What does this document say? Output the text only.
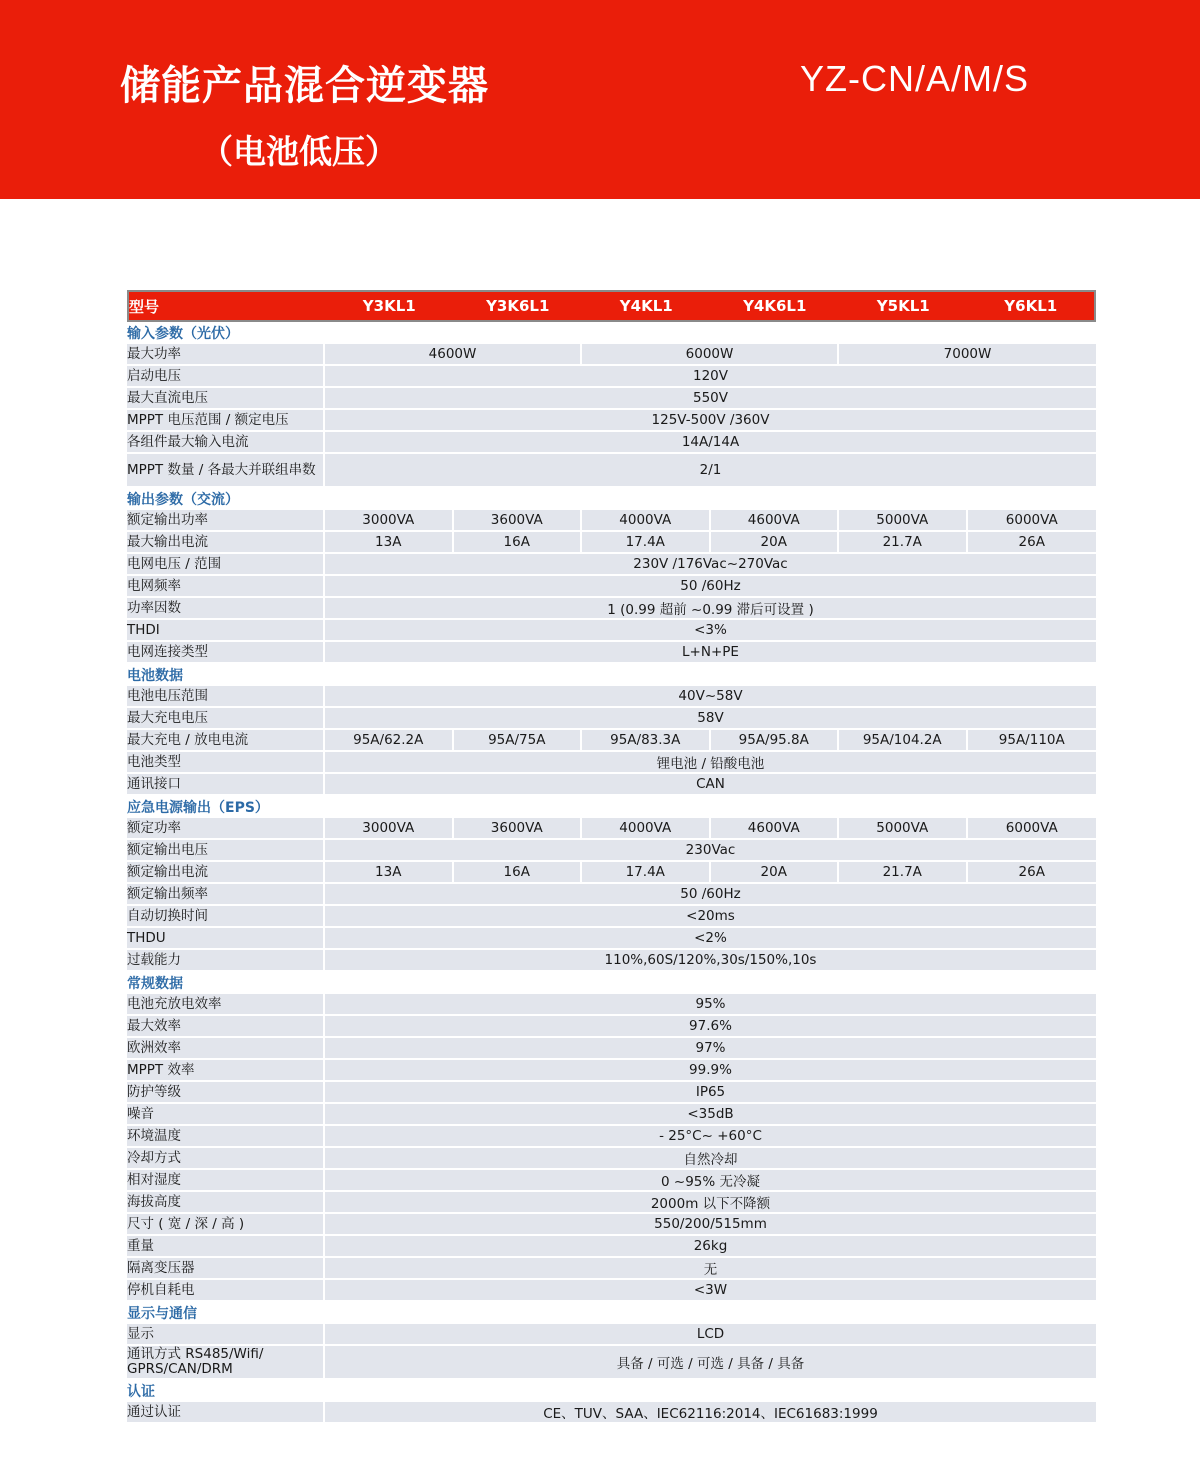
储能产品混合逆变器
（电池低压）
YZ-CN/A/M/S
型号	Y3KL1	Y3K6L1	Y4KL1	Y4K6L1	Y5KL1	Y6KL1
输入参数（光伏）						
最大功率	4600W		6000W		7000W	
启动电压	120V					
最大直流电压	550V					
MPPT 电压范围 / 额定电压	125V-500V /360V					
各组件最大输入电流	14A/14A					
MPPT 数量 / 各最大并联组串数	2/1					
输出参数（交流）						
额定输出功率	3000VA	3600VA	4000VA	4600VA	5000VA	6000VA
最大输出电流	13A	16A	17.4A	20A	21.7A	26A
电网电压 / 范围	230V /176Vac~270Vac					
电网频率	50 /60Hz					
功率因数	1 (0.99 超前 ~0.99 滞后可设置 )					
THDI	<3%					
电网连接类型	L+N+PE					
电池数据						
电池电压范围	40V~58V					
最大充电电压	58V					
最大充电 / 放电电流	95A/62.2A	95A/75A	95A/83.3A	95A/95.8A	95A/104.2A	95A/110A
电池类型	锂电池 / 铅酸电池					
通讯接口	CAN					
应急电源输出（EPS）						
额定功率	3000VA	3600VA	4000VA	4600VA	5000VA	6000VA
额定输出电压	230Vac					
额定输出电流	13A	16A	17.4A	20A	21.7A	26A
额定输出频率	50 /60Hz					
自动切换时间	<20ms					
THDU	<2%					
过载能力	110%,60S/120%,30s/150%,10s					
常规数据						
电池充放电效率	95%					
最大效率	97.6%					
欧洲效率	97%					
MPPT 效率	99.9%					
防护等级	IP65					
噪音	<35dB					
环境温度	- 25°C~ +60°C					
冷却方式	自然冷却					
相对湿度	0 ~95% 无冷凝					
海拔高度	2000m 以下不降额					
尺寸 ( 宽 / 深 / 高 )	550/200/515mm					
重量	26kg					
隔离变压器	无					
停机自耗电	<3W					
显示与通信						
显示	LCD					
通讯方式 RS485/Wifi/ GPRS/CAN/DRM	具备 / 可选 / 可选 / 具备 / 具备					
认证						
通过认证	CE、TUV、SAA、IEC62116:2014、IEC61683:1999					
